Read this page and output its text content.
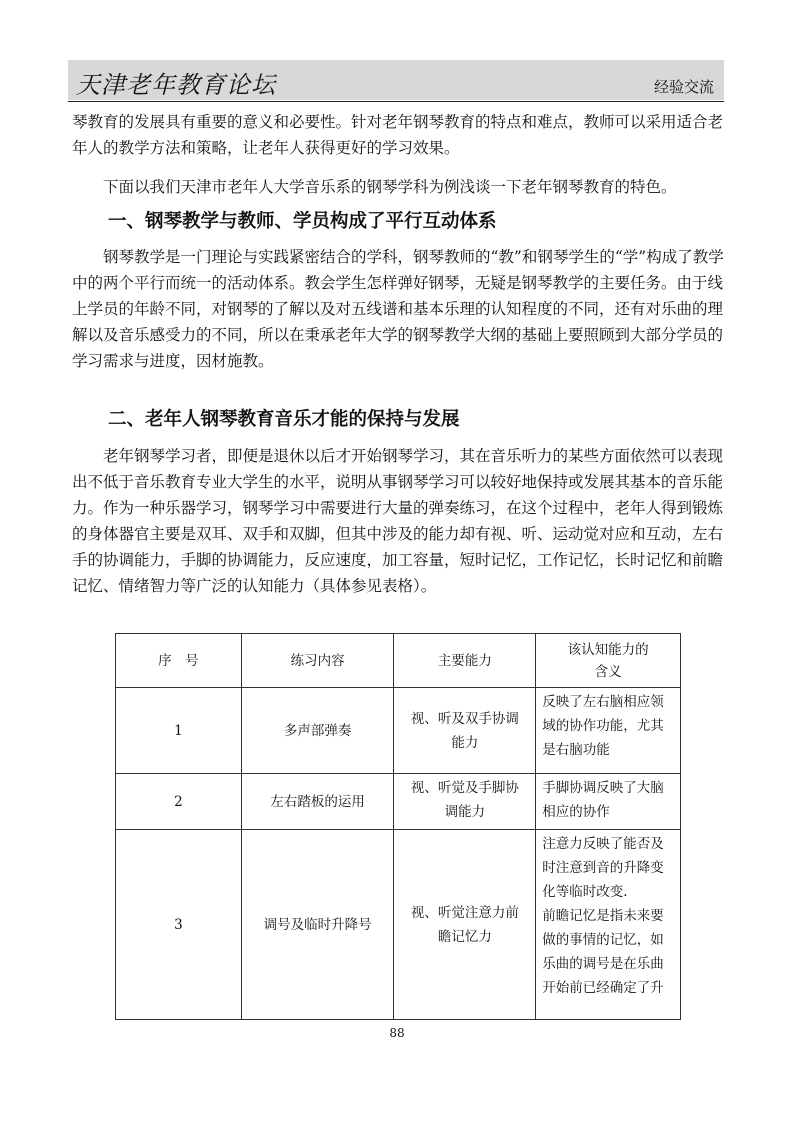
天津老年教育论坛	经验交流

琴教育的发展具有重要的意义和必要性。针对老年钢琴教育的特点和难点，教师可以采用适合老年人的教学方法和策略，让老年人获得更好的学习效果。

　　下面以我们天津市老年人大学音乐系的钢琴学科为例浅谈一下老年钢琴教育的特色。

一、钢琴教学与教师、学员构成了平行互动体系

　　钢琴教学是一门理论与实践紧密结合的学科，钢琴教师的“教”和钢琴学生的“学”构成了教学中的两个平行而统一的活动体系。教会学生怎样弹好钢琴，无疑是钢琴教学的主要任务。由于线上学员的年龄不同，对钢琴的了解以及对五线谱和基本乐理的认知程度的不同，还有对乐曲的理解以及音乐感受力的不同，所以在秉承老年大学的钢琴教学大纲的基础上要照顾到大部分学员的学习需求与进度，因材施教。

二、老年人钢琴教育音乐才能的保持与发展

　　老年钢琴学习者，即便是退休以后才开始钢琴学习，其在音乐听力的某些方面依然可以表现出不低于音乐教育专业大学生的水平，说明从事钢琴学习可以较好地保持或发展其基本的音乐能力。作为一种乐器学习，钢琴学习中需要进行大量的弹奏练习，在这个过程中，老年人得到锻炼的身体器官主要是双耳、双手和双脚，但其中涉及的能力却有视、听、运动觉对应和互动，左右手的协调能力，手脚的协调能力，反应速度，加工容量，短时记忆，工作记忆，长时记忆和前瞻记忆、情绪智力等广泛的认知能力（具体参见表格）。

序　号	练习内容	主要能力	该认知能力的
含义
1	多声部弹奏	视、听及双手协调能力	反映了左右脑相应领域的协作功能，尤其是右脑功能
2	左右踏板的运用	视、听觉及手脚协调能力	手脚协调反映了大脑相应的协作
3	调号及临时升降号	视、听觉注意力前瞻记忆力	注意力反映了能否及时注意到音的升降变化等临时改变.
前瞻记忆是指未来要做的事情的记忆，如乐曲的调号是在乐曲开始前已经确定了升
88
